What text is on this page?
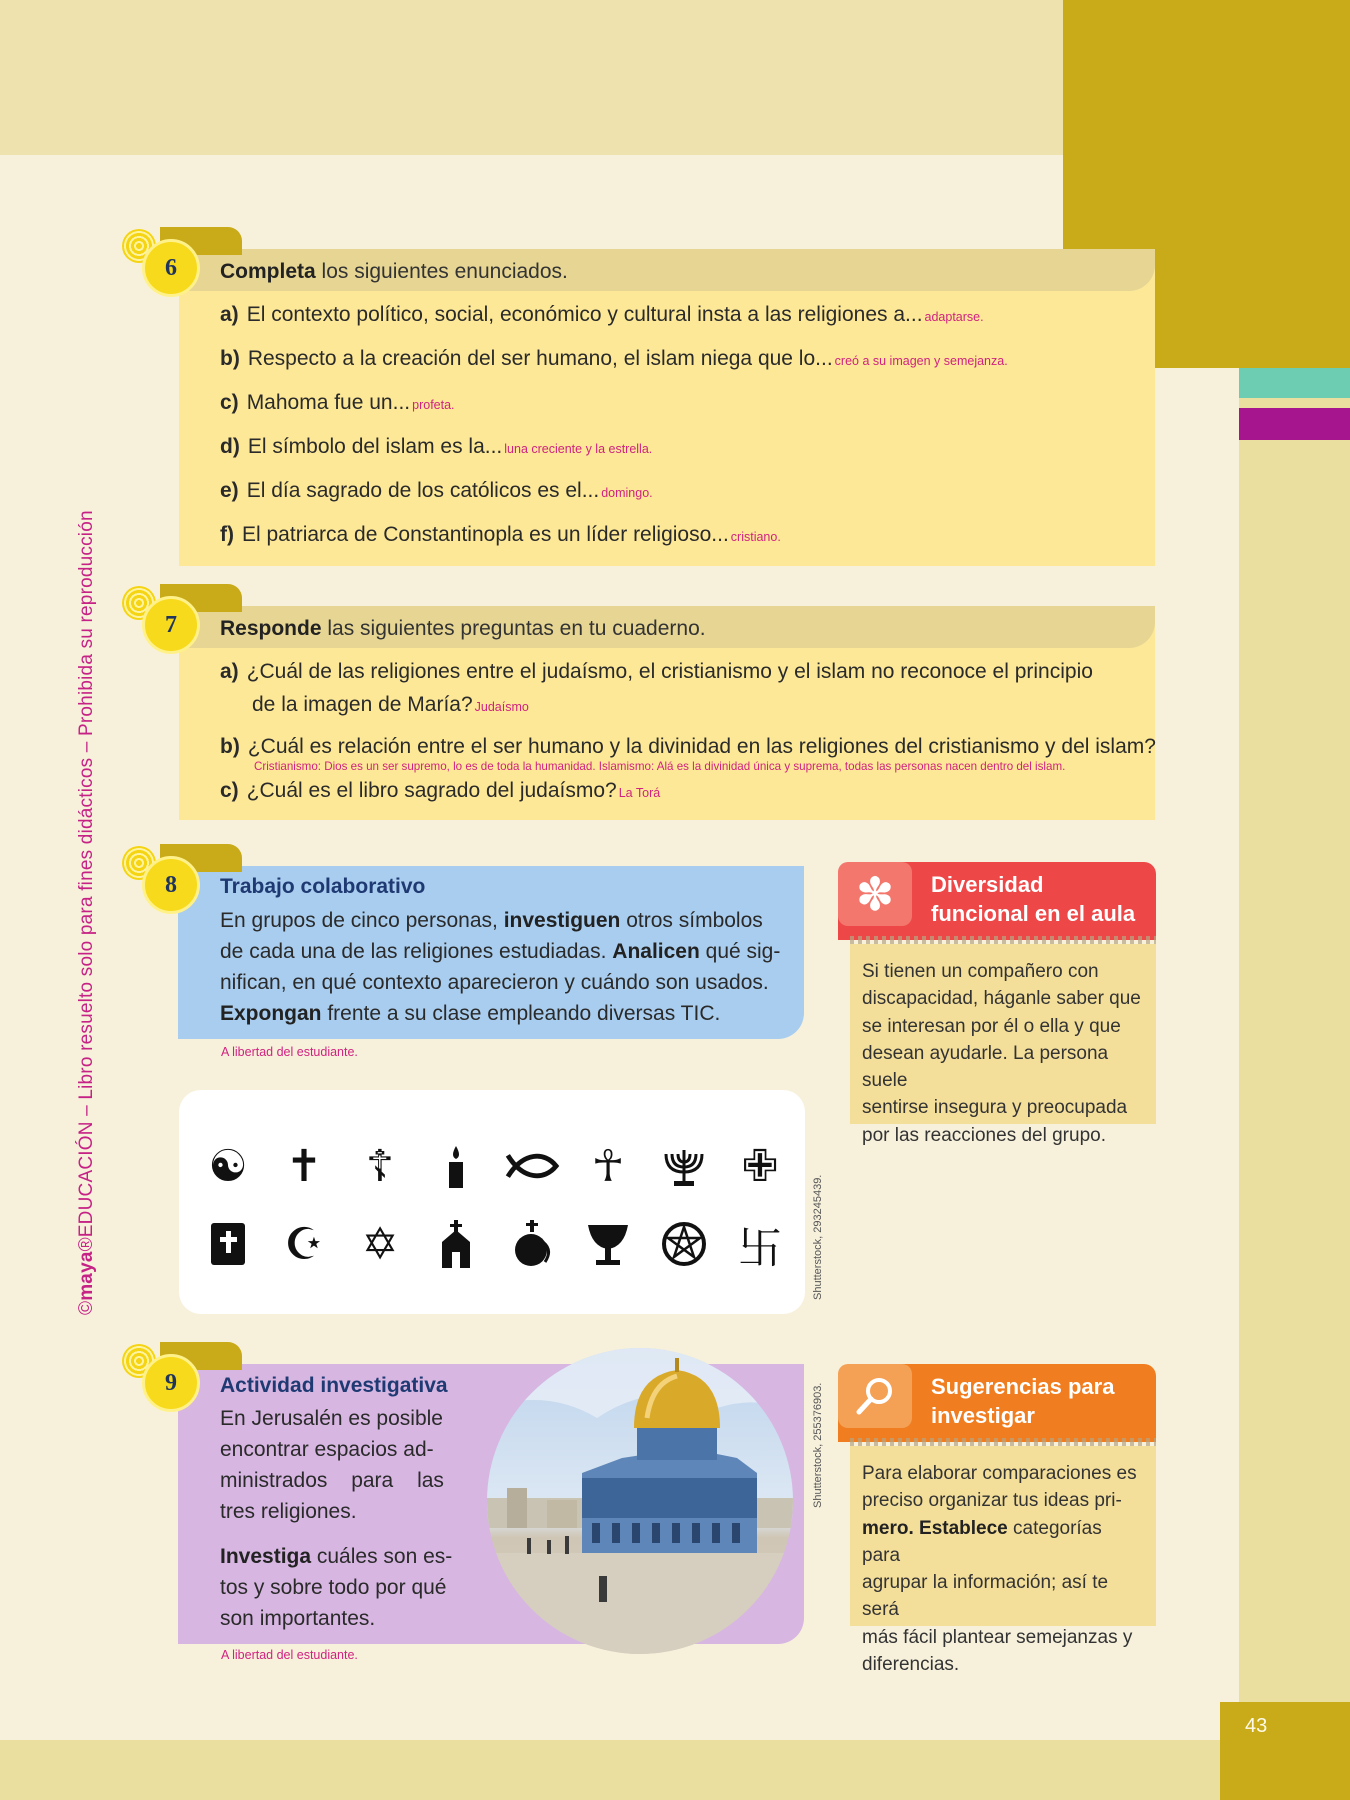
43
©maya®EDUCACIÓN – Libro resuelto solo para fines didácticos – Prohibida su reproducción
6	Completa los siguientes enunciados.
a) El contexto político, social, económico y cultural insta a las religiones a... adaptarse.
b) Respecto a la creación del ser humano, el islam niega que lo... creó a su imagen y semejanza.
c) Mahoma fue un... profeta.
d) El símbolo del islam es la... luna creciente y la estrella.
e) El día sagrado de los católicos es el... domingo.
f) El patriarca de Constantinopla es un líder religioso... cristiano.
7	Responde las siguientes preguntas en tu cuaderno.
a) ¿Cuál de las religiones entre el judaísmo, el cristianismo y el islam no reconoce el principio
de la imagen de María? Judaísmo
b) ¿Cuál es relación entre el ser humano y la divinidad en las religiones del cristianismo y del islam?
Cristianismo: Dios es un ser supremo, lo es de toda la humanidad. Islamismo: Alá es la divinidad única y suprema, todas las personas nacen dentro del islam.
c) ¿Cuál es el libro sagrado del judaísmo? La Torá
8	Trabajo colaborativo
En grupos de cinco personas, investiguen otros símbolos
de cada una de las religiones estudiadas. Analicen qué sig-
nifican, en qué contexto aparecieron y cuándo son usados.
Expongan frente a su clase empleando diversas TIC.
A libertad del estudiante.
☯ ✝ ☦	☥	✙
☪ ✡	卐	Shutterstock, 293245439.
✽	Diversidad
funcional en el aula
Si tienen un compañero con
discapacidad, háganle saber que
se interesan por él o ella y que
desean ayudarle. La persona suele
sentirse insegura y preocupada
por las reacciones del grupo.
9	Actividad investigativa
En Jerusalén es posible
encontrar espacios ad-
ministrados para las
tres religiones.
Investiga cuáles son es-
tos y sobre todo por qué
son importantes.
A libertad del estudiante.
Shutterstock, 255376903.	Sugerencias para
investigar
Para elaborar comparaciones es
preciso organizar tus ideas pri-
mero. Establece categorías para
agrupar la información; así te será
más fácil plantear semejanzas y
diferencias.
